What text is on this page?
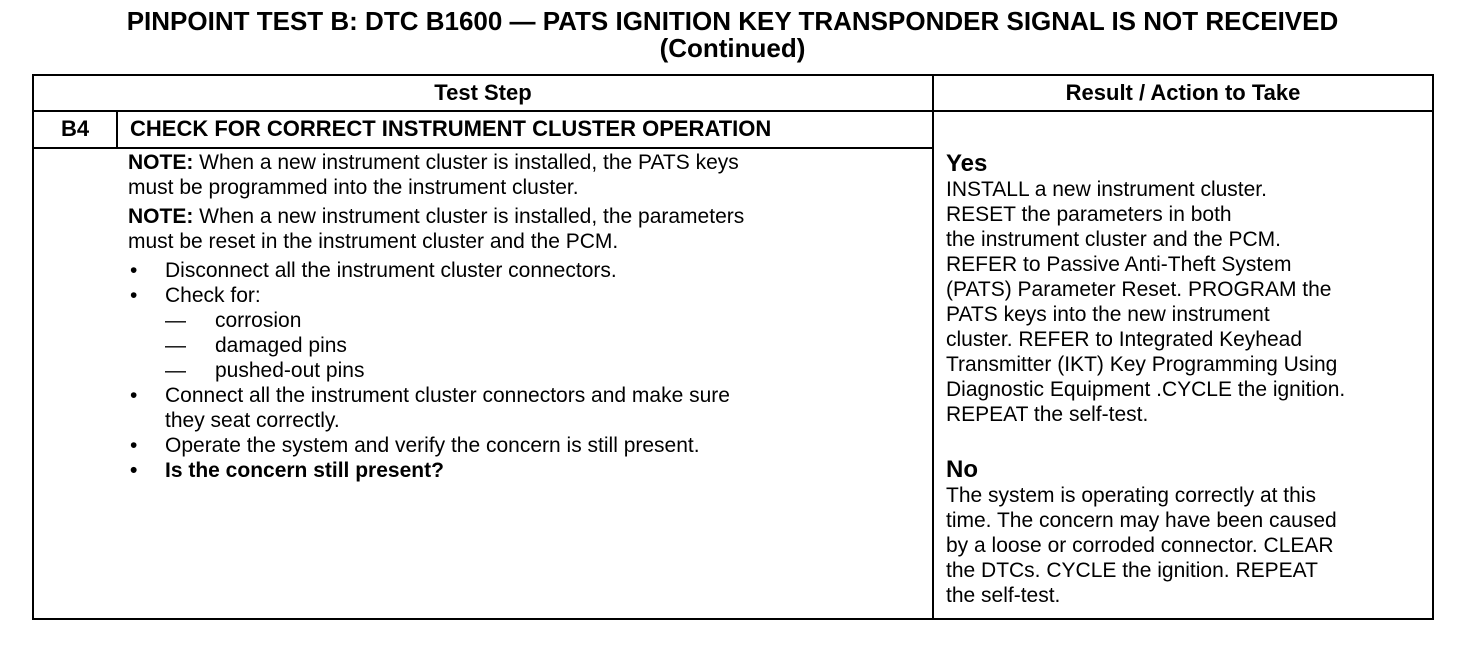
PINPOINT TEST B: DTC B1600 — PATS IGNITION KEY TRANSPONDER SIGNAL IS NOT RECEIVED
(Continued)
Test Step	Result / Action to Take
B4	CHECK FOR CORRECT INSTRUMENT CLUSTER OPERATION
NOTE: When a new instrument cluster is installed, the PATS keys
must be programmed into the instrument cluster.
NOTE: When a new instrument cluster is installed, the parameters
must be reset in the instrument cluster and the PCM.
• Disconnect all the instrument cluster connectors.
• Check for:
— corrosion
— damaged pins
— pushed-out pins
• Connect all the instrument cluster connectors and make sure
they seat correctly.
• Operate the system and verify the concern is still present.
• Is the concern still present?
Yes
INSTALL a new instrument cluster.
RESET the parameters in both
the instrument cluster and the PCM.
REFER to Passive Anti-Theft System
(PATS) Parameter Reset. PROGRAM the
PATS keys into the new instrument
cluster. REFER to Integrated Keyhead
Transmitter (IKT) Key Programming Using
Diagnostic Equipment .CYCLE the ignition.
REPEAT the self-test.
No
The system is operating correctly at this
time. The concern may have been caused
by a loose or corroded connector. CLEAR
the DTCs. CYCLE the ignition. REPEAT
the self-test.
